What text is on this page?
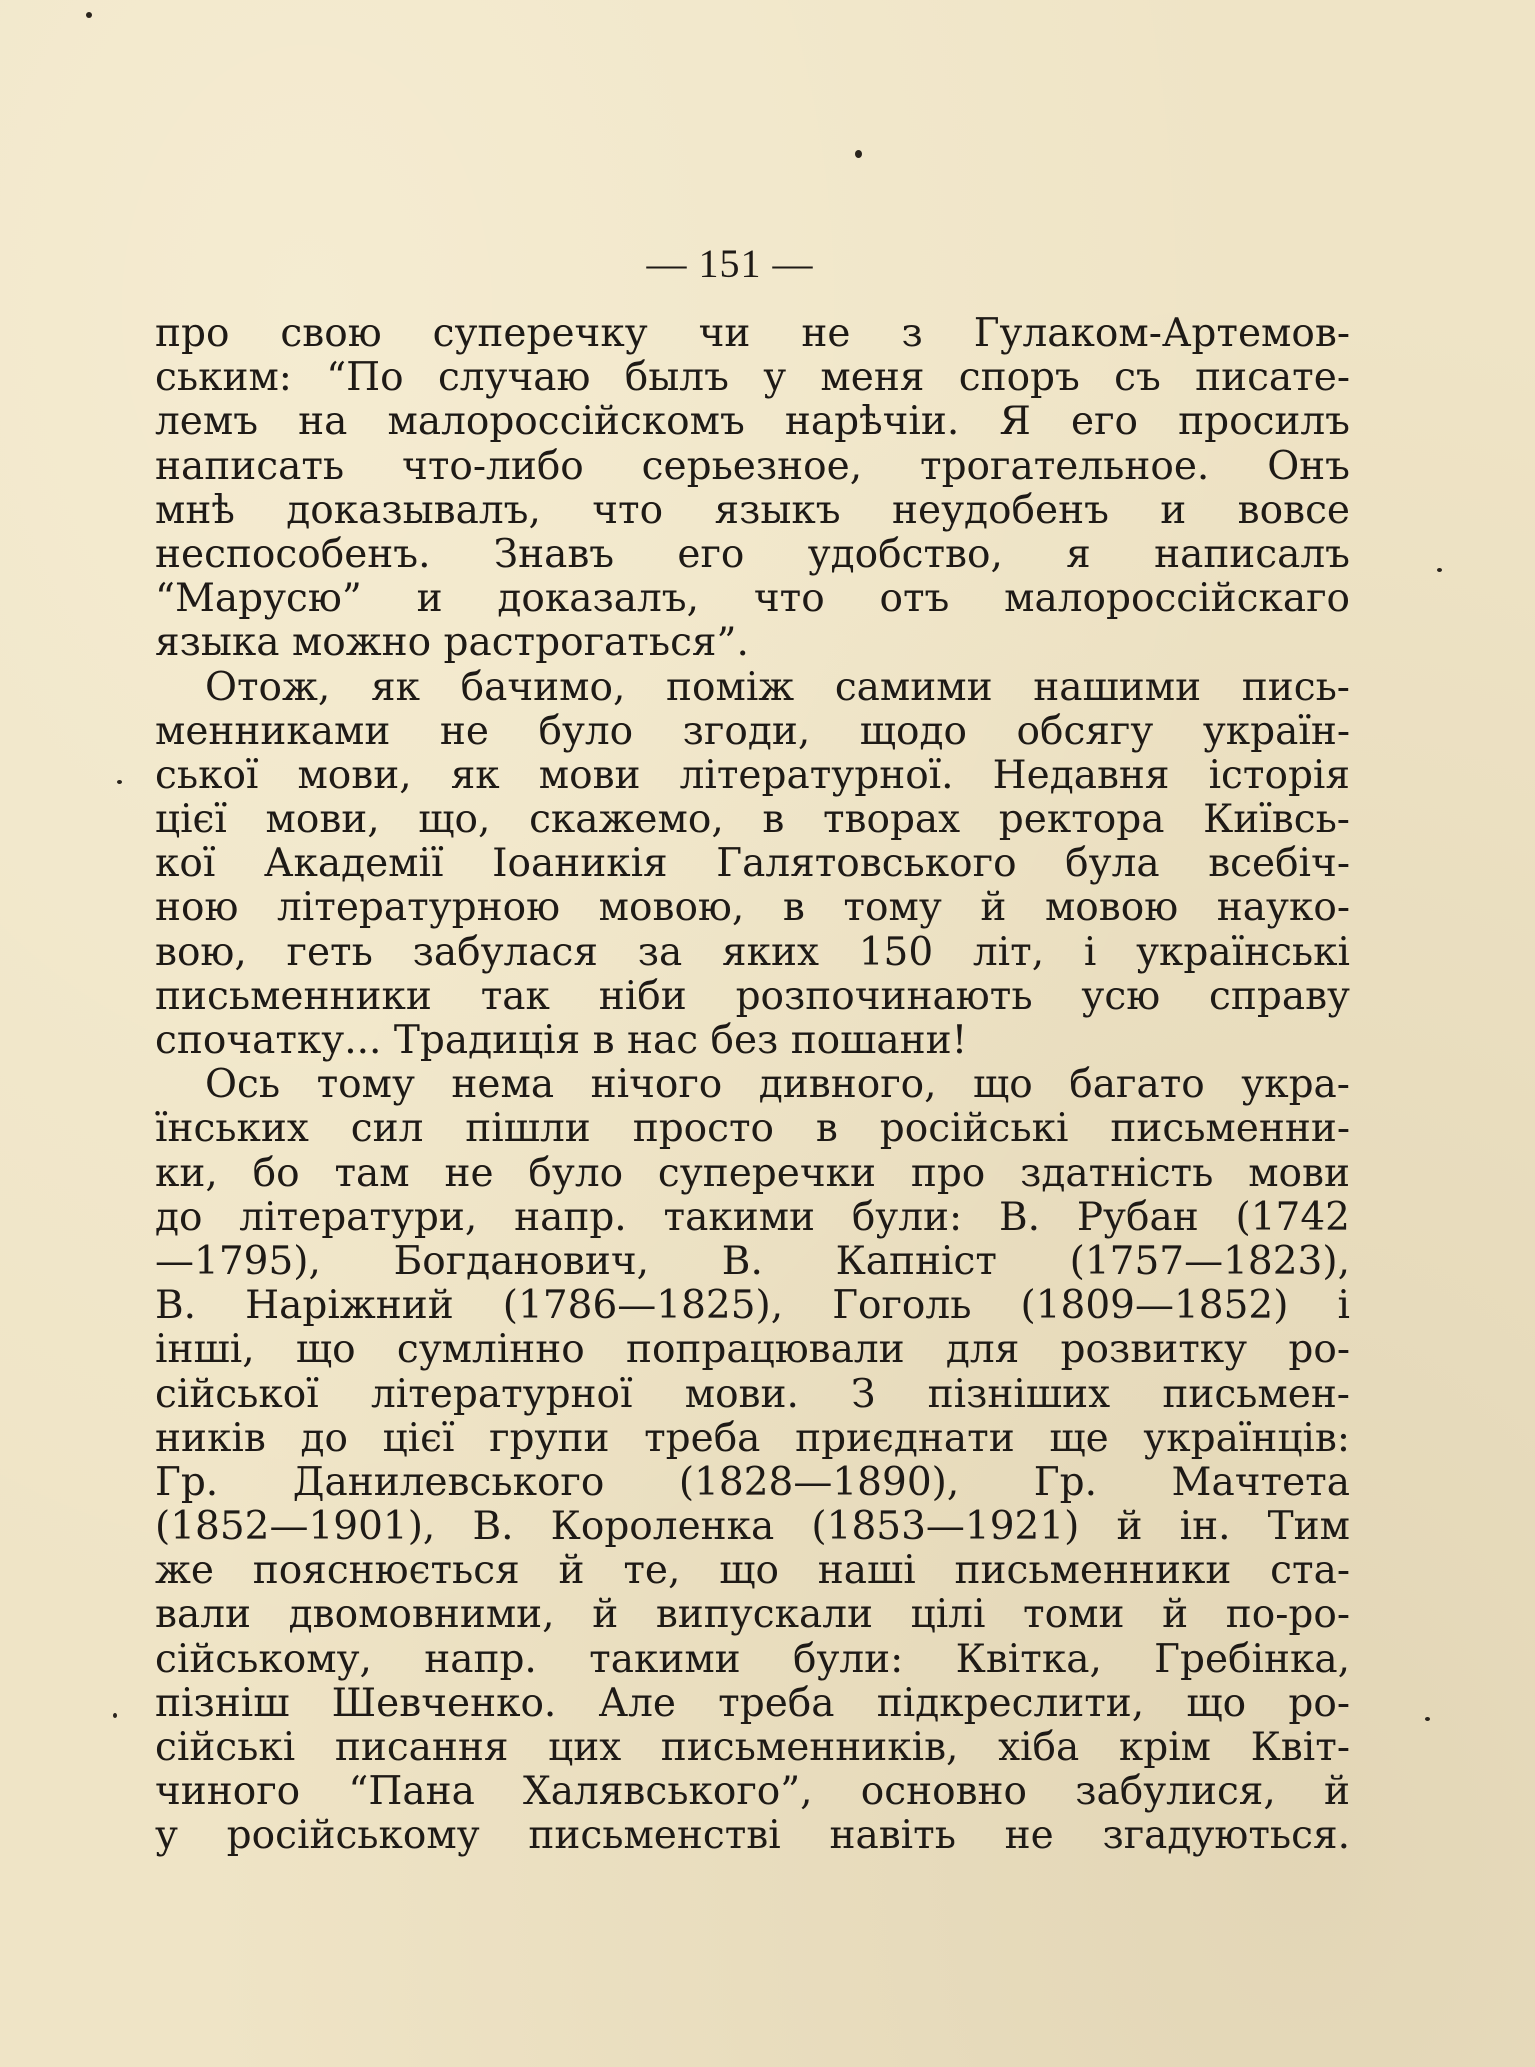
— 151 —
про свою суперечку чи не з Гулаком-Артемов-
ським: “По случаю былъ у меня споръ съ писате-
лемъ на малороссійскомъ нарѣчіи. Я его просилъ
написать что-либо серьезное, трогательное. Онъ
мнѣ доказывалъ, что языкъ неудобенъ и вовсе
неспособенъ. Знавъ его удобство, я написалъ
“Марусю” и доказалъ, что отъ малороссійскаго
языка можно растрогаться”.
Отож, як бачимо, поміж самими нашими пись-
менниками не було згоди, щодо обсягу україн-
ської мови, як мови літературної. Недавня історія
цієї мови, що, скажемо, в творах ректора Київсь-
кої Академії Іоаникія Галятовського була всебіч-
ною літературною мовою, в тому й мовою науко-
вою, геть забулася за яких 150 літ, і українські
письменники так ніби розпочинають усю справу
спочатку... Традиція в нас без пошани!
Ось тому нема нічого дивного, що багато укра-
їнських сил пішли просто в російські письменни-
ки, бо там не було суперечки про здатність мови
до літератури, напр. такими були: В. Рубан (1742
—1795), Богданович, В. Капніст (1757—1823),
В. Наріжний (1786—1825), Гоголь (1809—1852) і
інші, що сумлінно попрацювали для розвитку ро-
сійської літературної мови. З пізніших письмен-
ників до цієї групи треба приєднати ще українців:
Гр. Данилевського (1828—1890), Гр. Мачтета
(1852—1901), В. Короленка (1853—1921) й ін. Тим
же пояснюється й те, що наші письменники ста-
вали двомовними, й випускали цілі томи й по-ро-
сійському, напр. такими були: Квітка, Гребінка,
пізніш Шевченко. Але треба підкреслити, що ро-
сійські писання цих письменників, хіба крім Квіт-
чиного “Пана Халявського”, основно забулися, й
у російському письменстві навіть не згадуються.
